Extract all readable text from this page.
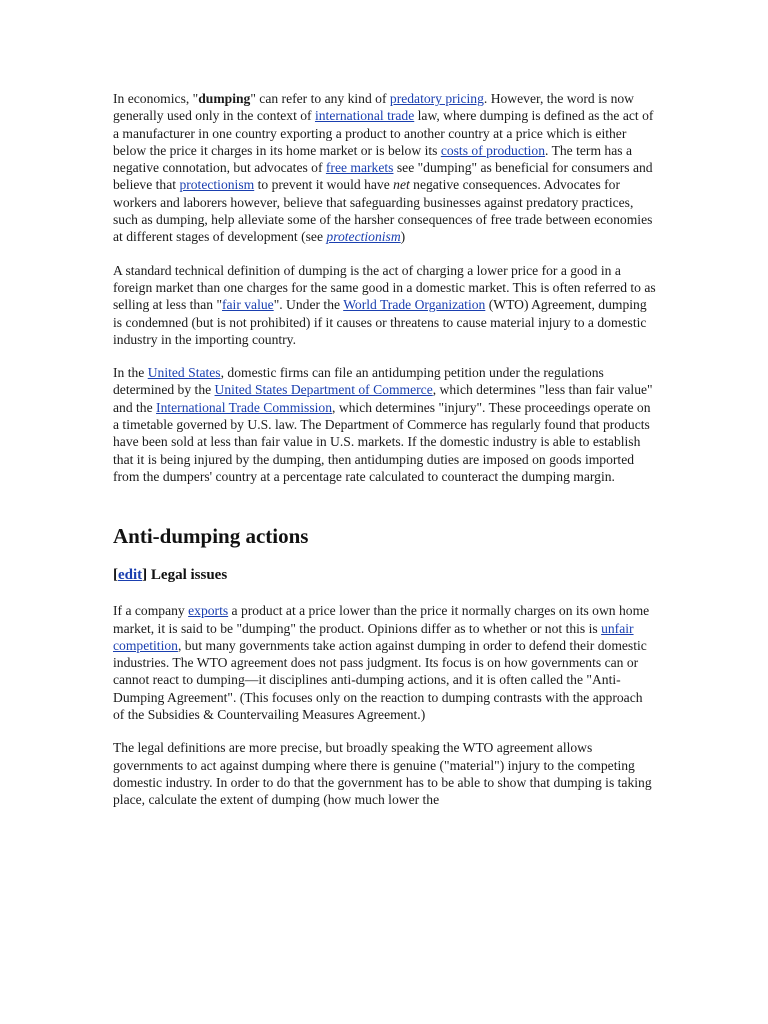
In economics, "dumping" can refer to any kind of predatory pricing. However, the word is now generally used only in the context of international trade law, where dumping is defined as the act of a manufacturer in one country exporting a product to another country at a price which is either below the price it charges in its home market or is below its costs of production. The term has a negative connotation, but advocates of free markets see "dumping" as beneficial for consumers and believe that protectionism to prevent it would have net negative consequences. Advocates for workers and laborers however, believe that safeguarding businesses against predatory practices, such as dumping, help alleviate some of the harsher consequences of free trade between economies at different stages of development (see protectionism)

A standard technical definition of dumping is the act of charging a lower price for a good in a foreign market than one charges for the same good in a domestic market. This is often referred to as selling at less than "fair value". Under the World Trade Organization (WTO) Agreement, dumping is condemned (but is not prohibited) if it causes or threatens to cause material injury to a domestic industry in the importing country.

In the United States, domestic firms can file an antidumping petition under the regulations determined by the United States Department of Commerce, which determines "less than fair value" and the International Trade Commission, which determines "injury". These proceedings operate on a timetable governed by U.S. law. The Department of Commerce has regularly found that products have been sold at less than fair value in U.S. markets. If the domestic industry is able to establish that it is being injured by the dumping, then antidumping duties are imposed on goods imported from the dumpers' country at a percentage rate calculated to counteract the dumping margin.

Anti-dumping actions
[edit] Legal issues

If a company exports a product at a price lower than the price it normally charges on its own home market, it is said to be "dumping" the product. Opinions differ as to whether or not this is unfair competition, but many governments take action against dumping in order to defend their domestic industries. The WTO agreement does not pass judgment. Its focus is on how governments can or cannot react to dumping—it disciplines anti-dumping actions, and it is often called the "Anti-Dumping Agreement". (This focuses only on the reaction to dumping contrasts with the approach of the Subsidies & Countervailing Measures Agreement.)

The legal definitions are more precise, but broadly speaking the WTO agreement allows governments to act against dumping where there is genuine ("material") injury to the competing domestic industry. In order to do that the government has to be able to show that dumping is taking place, calculate the extent of dumping (how much lower the
